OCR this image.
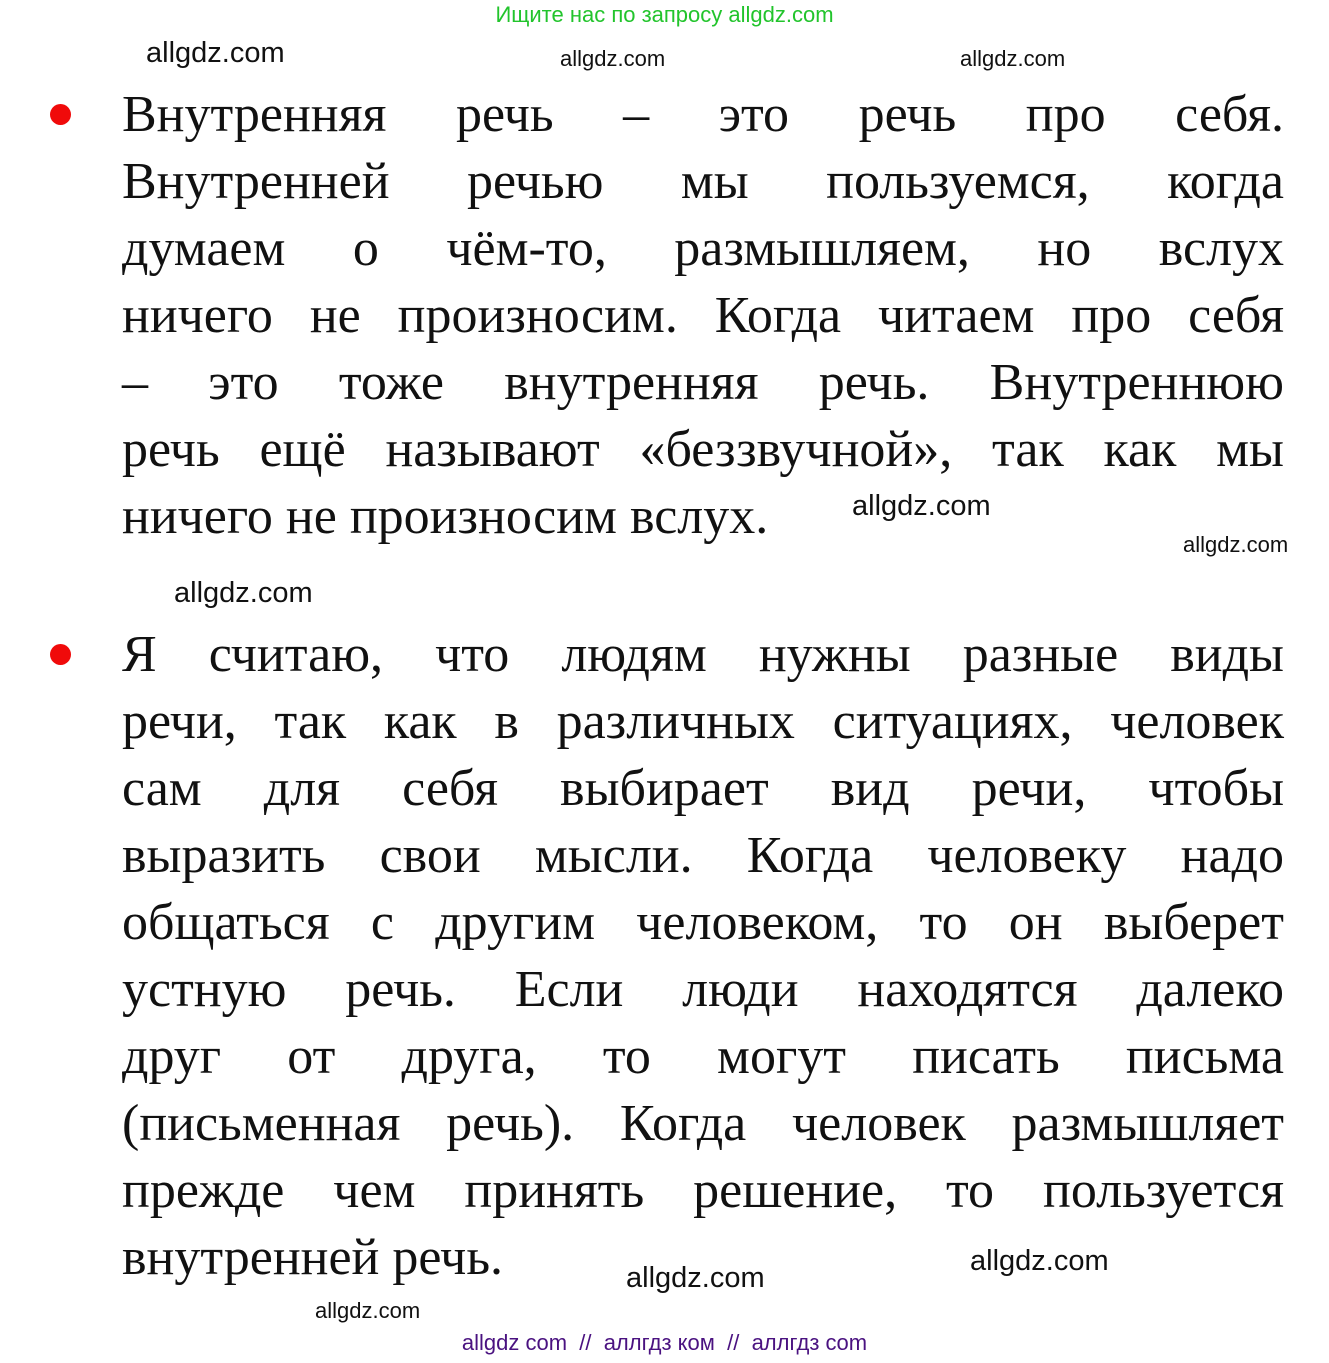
Ищите нас по запросу allgdz.com
allgdz.com	allgdz.com	allgdz.com
allgdz.com
allgdz.com
allgdz.com
allgdz.com
allgdz.com
allgdz.com
Внутренняя речь – это речь про себя.
Внутренней речью мы пользуемся, когда
думаем о чём-то, размышляем, но вслух
ничего не произносим. Когда читаем про себя
– это тоже внутренняя речь. Внутреннюю
речь ещё называют «беззвучной», так как мы
ничего не произносим вслух.
Я считаю, что людям нужны разные виды
речи, так как в различных ситуациях, человек
сам для себя выбирает вид речи, чтобы
выразить свои мысли. Когда человеку надо
общаться с другим человеком, то он выберет
устную речь. Если люди находятся далеко
друг от друга, то могут писать письма
(письменная речь). Когда человек размышляет
прежде чем принять решение, то пользуется
внутренней речь.
allgdz com  //  аллгдз ком  //  аллгдз com
